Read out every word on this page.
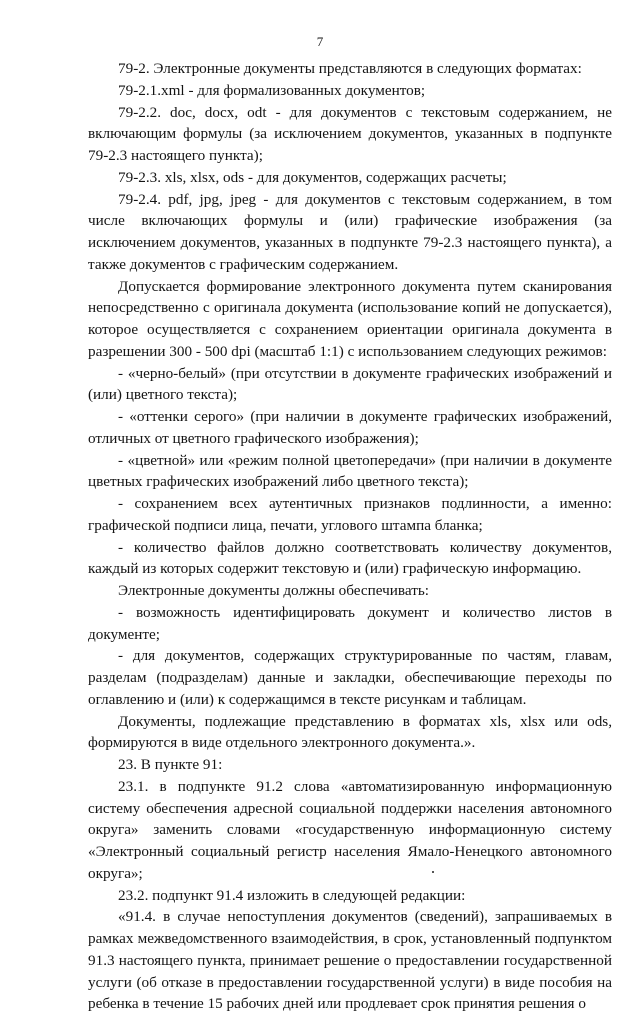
7

79-2. Электронные документы представляются в следующих форматах:

79-2.1.xml - для формализованных документов;

79-2.2. doc, docx, odt - для документов с текстовым содержанием, не включающим формулы (за исключением документов, указанных в подпункте 79-2.3 настоящего пункта);

79-2.3. xls, xlsx, ods - для документов, содержащих расчеты;

79-2.4. pdf, jpg, jpeg - для документов с текстовым содержанием, в том числе включающих формулы и (или) графические изображения (за исключением документов, указанных в подпункте 79-2.3 настоящего пункта), а также документов с графическим содержанием.

Допускается формирование электронного документа путем сканирования непосредственно с оригинала документа (использование копий не допускается), которое осуществляется с сохранением ориентации оригинала документа в разрешении 300 - 500 dpi (масштаб 1:1) с использованием следующих режимов:

- «черно-белый» (при отсутствии в документе графических изображений и (или) цветного текста);

- «оттенки серого» (при наличии в документе графических изображений, отличных от цветного графического изображения);

- «цветной» или «режим полной цветопередачи» (при наличии в документе цветных графических изображений либо цветного текста);

- сохранением всех аутентичных признаков подлинности, а именно: графической подписи лица, печати, углового штампа бланка;

- количество файлов должно соответствовать количеству документов, каждый из которых содержит текстовую и (или) графическую информацию.

Электронные документы должны обеспечивать:

- возможность идентифицировать документ и количество листов в документе;

- для документов, содержащих структурированные по частям, главам, разделам (подразделам) данные и закладки, обеспечивающие переходы по оглавлению и (или) к содержащимся в тексте рисункам и таблицам.

Документы, подлежащие представлению в форматах xls, xlsx или ods, формируются в виде отдельного электронного документа.».

23. В пункте 91:

23.1. в подпункте 91.2 слова «автоматизированную информационную систему обеспечения адресной социальной поддержки населения автономного округа» заменить словами «государственную информационную систему «Электронный социальный регистр населения Ямало-Ненецкого автономного округа»;

23.2. подпункт 91.4 изложить в следующей редакции:

«91.4. в случае непоступления документов (сведений), запрашиваемых в рамках межведомственного взаимодействия, в срок, установленный подпунктом 91.3 настоящего пункта, принимает решение о предоставлении государственной услуги (об отказе в предоставлении государственной услуги) в виде пособия на ребенка в течение 15 рабочих дней или продлевает срок принятия решения о
